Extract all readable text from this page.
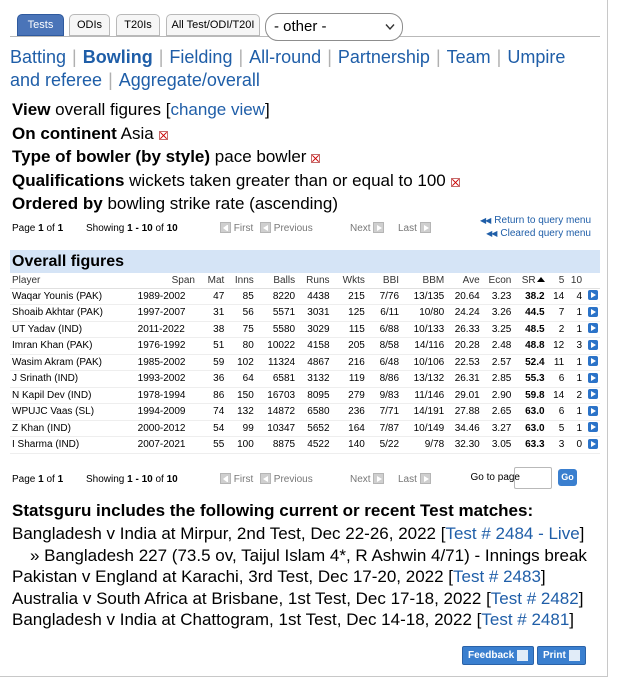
Tests	ODIs	T20Is	All Test/ODI/T20I	- other -
Batting | Bowling | Fielding | All-round | Partnership | Team | Umpire and referee | Aggregate/overall
View overall figures [change view]
On continent Asia
Type of bowler (by style) pace bowler
Qualifications wickets taken greater than or equal to 100
Ordered by bowling strike rate (ascending)
Page 1 of 1 Showing 1 - 10 of 10	First	Previous	Next	Last
◀◀ Return to query menu
◀◀ Cleared query menu
Overall figures
Player	Span	Mat	Inns	Balls	Runs	Wkts	BBI	BBM	Ave	Econ	SR	5	10	
Waqar Younis (PAK)	1989-2002	47	85	8220	4438	215	7/76	13/135	20.64	3.23	38.2	14	4	
Shoaib Akhtar (PAK)	1997-2007	31	56	5571	3031	125	6/11	10/80	24.24	3.26	44.5	7	1	
UT Yadav (IND)	2011-2022	38	75	5580	3029	115	6/88	10/133	26.33	3.25	48.5	2	1	
Imran Khan (PAK)	1976-1992	51	80	10022	4158	205	8/58	14/116	20.28	2.48	48.8	12	3	
Wasim Akram (PAK)	1985-2002	59	102	11324	4867	216	6/48	10/106	22.53	2.57	52.4	11	1	
J Srinath (IND)	1993-2002	36	64	6581	3132	119	8/86	13/132	26.31	2.85	55.3	6	1	
N Kapil Dev (IND)	1978-1994	86	150	16703	8095	279	9/83	11/146	29.01	2.90	59.8	14	2	
WPUJC Vaas (SL)	1994-2009	74	132	14872	6580	236	7/71	14/191	27.88	2.65	63.0	6	1	
Z Khan (IND)	2000-2012	54	99	10347	5652	164	7/87	10/149	34.46	3.27	63.0	5	1	
I Sharma (IND)	2007-2021	55	100	8875	4522	140	5/22	9/78	32.30	3.05	63.3	3	0	
Page 1 of 1 Showing 1 - 10 of 10	First	Previous	Next	Last	Go to page	Go
Statsguru includes the following current or recent Test matches:
Bangladesh v India at Mirpur, 2nd Test, Dec 22-26, 2022 [Test # 2484 - Live]
» Bangladesh 227 (73.5 ov, Taijul Islam 4*, R Ashwin 4/71) - Innings break
Pakistan v England at Karachi, 3rd Test, Dec 17-20, 2022 [Test # 2483]
Australia v South Africa at Brisbane, 1st Test, Dec 17-18, 2022 [Test # 2482]
Bangladesh v India at Chattogram, 1st Test, Dec 14-18, 2022 [Test # 2481]
Feedback	Print
